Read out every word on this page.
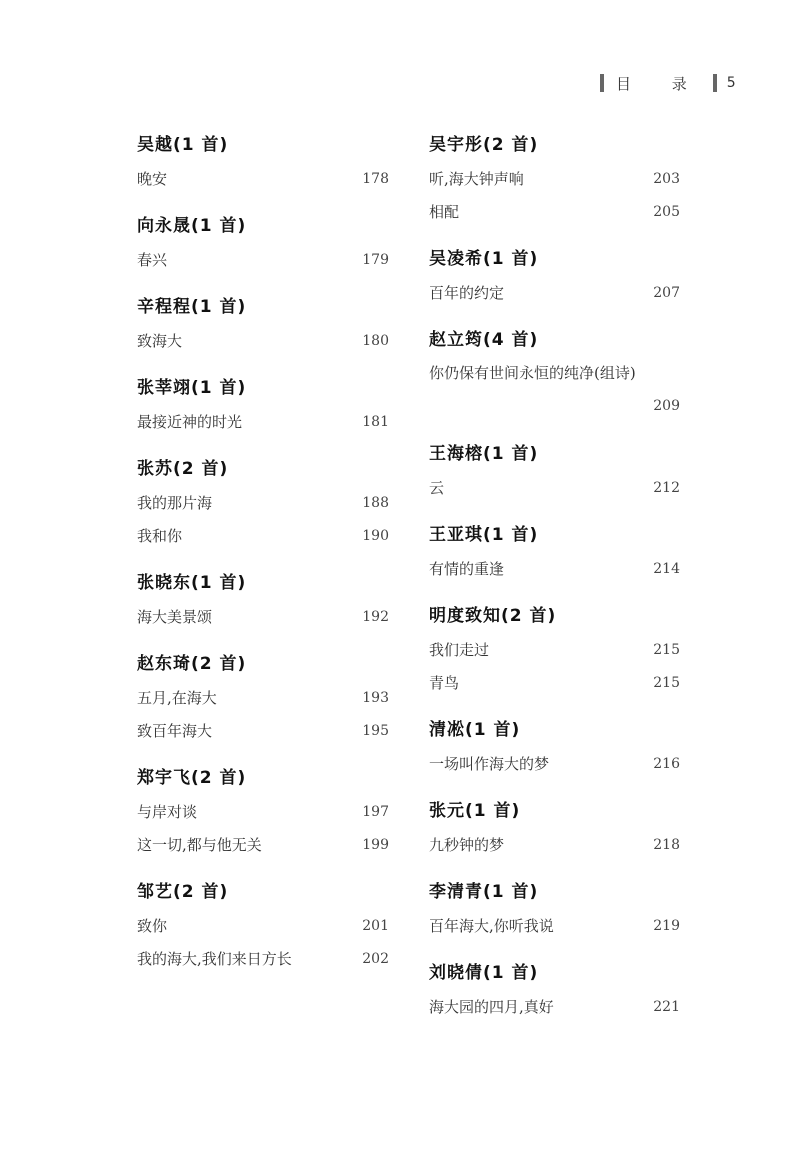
目 录 5
吴越(1 首)
晚安	178
向永晟(1 首)
春兴	179
辛程程(1 首)
致海大	180
张莘翊(1 首)
最接近神的时光	181
张苏(2 首)
我的那片海	188
我和你	190
张晓东(1 首)
海大美景颂	192
赵东琦(2 首)
五月,在海大	193
致百年海大	195
郑宇飞(2 首)
与岸对谈	197
这一切,都与他无关	199
邹艺(2 首)
致你	201
我的海大,我们来日方长	202
吴宇彤(2 首)
听,海大钟声响	203
相配	205
吴凌希(1 首)
百年的约定	207
赵立筠(4 首)
你仍保有世间永恒的纯净(组诗)
209
王海榕(1 首)
云	212
王亚琪(1 首)
有情的重逢	214
明度致知(2 首)
我们走过	215
青鸟	215
清凇(1 首)
一场叫作海大的梦	216
张元(1 首)
九秒钟的梦	218
李清青(1 首)
百年海大,你听我说	219
刘晓倩(1 首)
海大园的四月,真好	221
